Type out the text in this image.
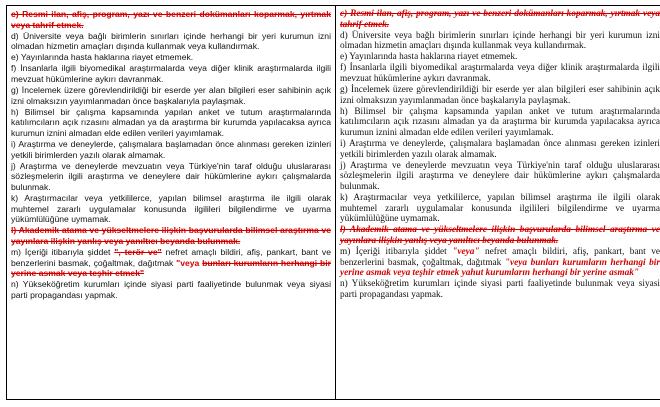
c) Resmi ilan, afiş, program, yazı ve benzeri dokümanları koparmak, yırtmak veya tahrif etmek.
d) Üniversite veya bağlı birimlerin sınırları içinde herhangi bir yeri kurumun izni olmadan hizmetin amaçları dışında kullanmak veya kullandırmak.
e) Yayınlarında hasta haklarına riayet etmemek.
f) İnsanlarla ilgili biyomedikal araştırmalarda veya diğer klinik araştırmalarda ilgili mevzuat hükümlerine aykırı davranmak.
g) İncelemek üzere görevlendirildiği bir eserde yer alan bilgileri eser sahibinin açık izni olmaksızın yayımlanmadan önce başkalarıyla paylaşmak.
h) Bilimsel bir çalışma kapsamında yapılan anket ve tutum araştırmalarında katılımcıların açık rızasını almadan ya da araştırma bir kurumda yapılacaksa ayrıca kurumun iznini almadan elde edilen verileri yayımlamak.
i) Araştırma ve deneylerde, çalışmalara başlamadan önce alınması gereken izinleri yetkili birimlerden yazılı olarak almamak.
j) Araştırma ve deneylerde mevzuatın veya Türkiye'nin taraf olduğu uluslararası sözleşmelerin ilgili araştırma ve deneylere dair hükümlerine aykırı çalışmalarda bulunmak.
k) Araştırmacılar veya yetkililerce, yapılan bilimsel araştırma ile ilgili olarak muhtemel zararlı uygulamalar konusunda ilgilileri bilgilendirme ve uyarma yükümlülüğüne uymamak.
l) Akademik atama ve yükseltmelere ilişkin başvurularda bilimsel araştırma ve yayınlara ilişkin yanlış veya yanıltıcı beyanda bulunmak.
m) İçeriği itibarıyla şiddet ", terör ve" nefret amaçlı bildiri, afiş, pankart, bant ve benzerlerini basmak, çoğaltmak, dağıtmak "veya bunları kurumların herhangi bir yerine asmak veya teşhir etmek"
n) Yükseköğretim kurumları içinde siyasi parti faaliyetinde bulunmak veya siyasi parti propagandası yapmak.

c) Resmi ilan, afiş, program, yazı ve benzeri dokümanları koparmak, yırtmak veya tahrif etmek.
d) Üniversite veya bağlı birimlerin sınırları içinde herhangi bir yeri kurumun izni olmadan hizmetin amaçları dışında kullanmak veya kullandırmak.
e) Yayınlarında hasta haklarına riayet etmemek.
f) İnsanlarla ilgili biyomedikal araştırmalarda veya diğer klinik araştırmalarda ilgili mevzuat hükümlerine aykırı davranmak.
g) İncelemek üzere görevlendirildiği bir eserde yer alan bilgileri eser sahibinin açık izni olmaksızın yayımlanmadan önce başkalarıyla paylaşmak.
h) Bilimsel bir çalışma kapsamında yapılan anket ve tutum araştırmalarında katılımcıların açık rızasını almadan ya da araştırma bir kurumda yapılacaksa ayrıca kurumun iznini almadan elde edilen verileri yayımlamak.
i) Araştırma ve deneylerde, çalışmalara başlamadan önce alınması gereken izinleri yetkili birimlerden yazılı olarak almamak.
j) Araştırma ve deneylerde mevzuatın veya Türkiye'nin taraf olduğu uluslararası sözleşmelerin ilgili araştırma ve deneylere dair hükümlerine aykırı çalışmalarda bulunmak.
k) Araştırmacılar veya yetkililerce, yapılan bilimsel araştırma ile ilgili olarak muhtemel zararlı uygulamalar konusunda ilgilileri bilgilendirme ve uyarma yükümlülüğüne uymamak.
l) Akademik atama ve yükseltmelere ilişkin başvurularda bilimsel araştırma ve yayınlara ilişkin yanlış veya yanıltıcı beyanda bulunmak.
m) İçeriği itibarıyla şiddet "veya" nefret amaçlı bildiri, afiş, pankart, bant ve benzerlerini basmak, çoğaltmak, dağıtmak "veya bunları kurumların herhangi bir yerine asmak veya teşhir etmek yahut kurumların herhangi bir yerine asmak"
n) Yükseköğretim kurumları içinde siyasi parti faaliyetinde bulunmak veya siyasi parti propagandası yapmak.
